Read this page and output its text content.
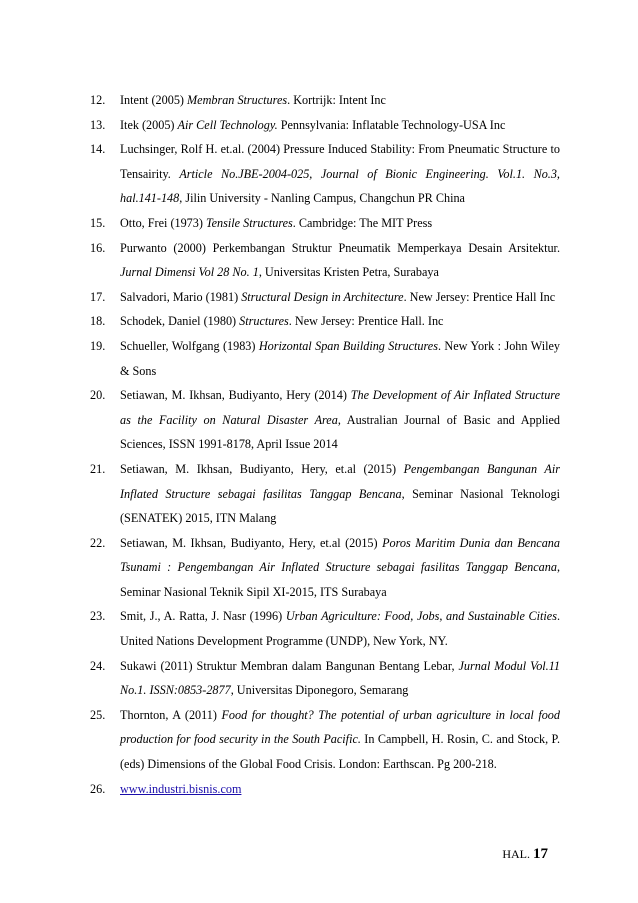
12.	Intent (2005) Membran Structures. Kortrijk: Intent Inc
13.	Itek (2005) Air Cell Technology. Pennsylvania: Inflatable Technology-USA Inc
14.	Luchsinger, Rolf H. et.al. (2004) Pressure Induced Stability: From Pneumatic Structure to Tensairity. Article No.JBE-2004-025, Journal of Bionic Engineering. Vol.1. No.3, hal.141-148, Jilin University - Nanling Campus, Changchun PR China
15.	Otto, Frei (1973) Tensile Structures. Cambridge: The MIT Press
16.	Purwanto (2000) Perkembangan Struktur Pneumatik Memperkaya Desain Arsitektur. Jurnal Dimensi Vol 28 No. 1, Universitas Kristen Petra, Surabaya
17.	Salvadori, Mario (1981) Structural Design in Architecture. New Jersey: Prentice Hall Inc
18.	Schodek, Daniel (1980) Structures. New Jersey: Prentice Hall. Inc
19.	Schueller, Wolfgang (1983) Horizontal Span Building Structures. New York : John Wiley & Sons
20.	Setiawan, M. Ikhsan, Budiyanto, Hery (2014) The Development of Air Inflated Structure as the Facility on Natural Disaster Area, Australian Journal of Basic and Applied Sciences, ISSN 1991-8178, April Issue 2014
21.	Setiawan, M. Ikhsan, Budiyanto, Hery, et.al (2015) Pengembangan Bangunan Air Inflated Structure sebagai fasilitas Tanggap Bencana, Seminar Nasional Teknologi (SENATEK) 2015, ITN Malang
22.	Setiawan, M. Ikhsan, Budiyanto, Hery, et.al (2015) Poros Maritim Dunia dan Bencana Tsunami : Pengembangan Air Inflated Structure sebagai fasilitas Tanggap Bencana, Seminar Nasional Teknik Sipil XI-2015, ITS Surabaya
23.	Smit, J., A. Ratta, J. Nasr (1996) Urban Agriculture: Food, Jobs, and Sustainable Cities. United Nations Development Programme (UNDP), New York, NY.
24.	Sukawi (2011) Struktur Membran dalam Bangunan Bentang Lebar, Jurnal Modul Vol.11 No.1. ISSN:0853-2877, Universitas Diponegoro, Semarang
25.	Thornton, A (2011) Food for thought? The potential of urban agriculture in local food production for food security in the South Pacific. In Campbell, H. Rosin, C. and Stock, P. (eds) Dimensions of the Global Food Crisis. London: Earthscan. Pg 200-218.
26.	www.industri.bisnis.com
HAL. 17
